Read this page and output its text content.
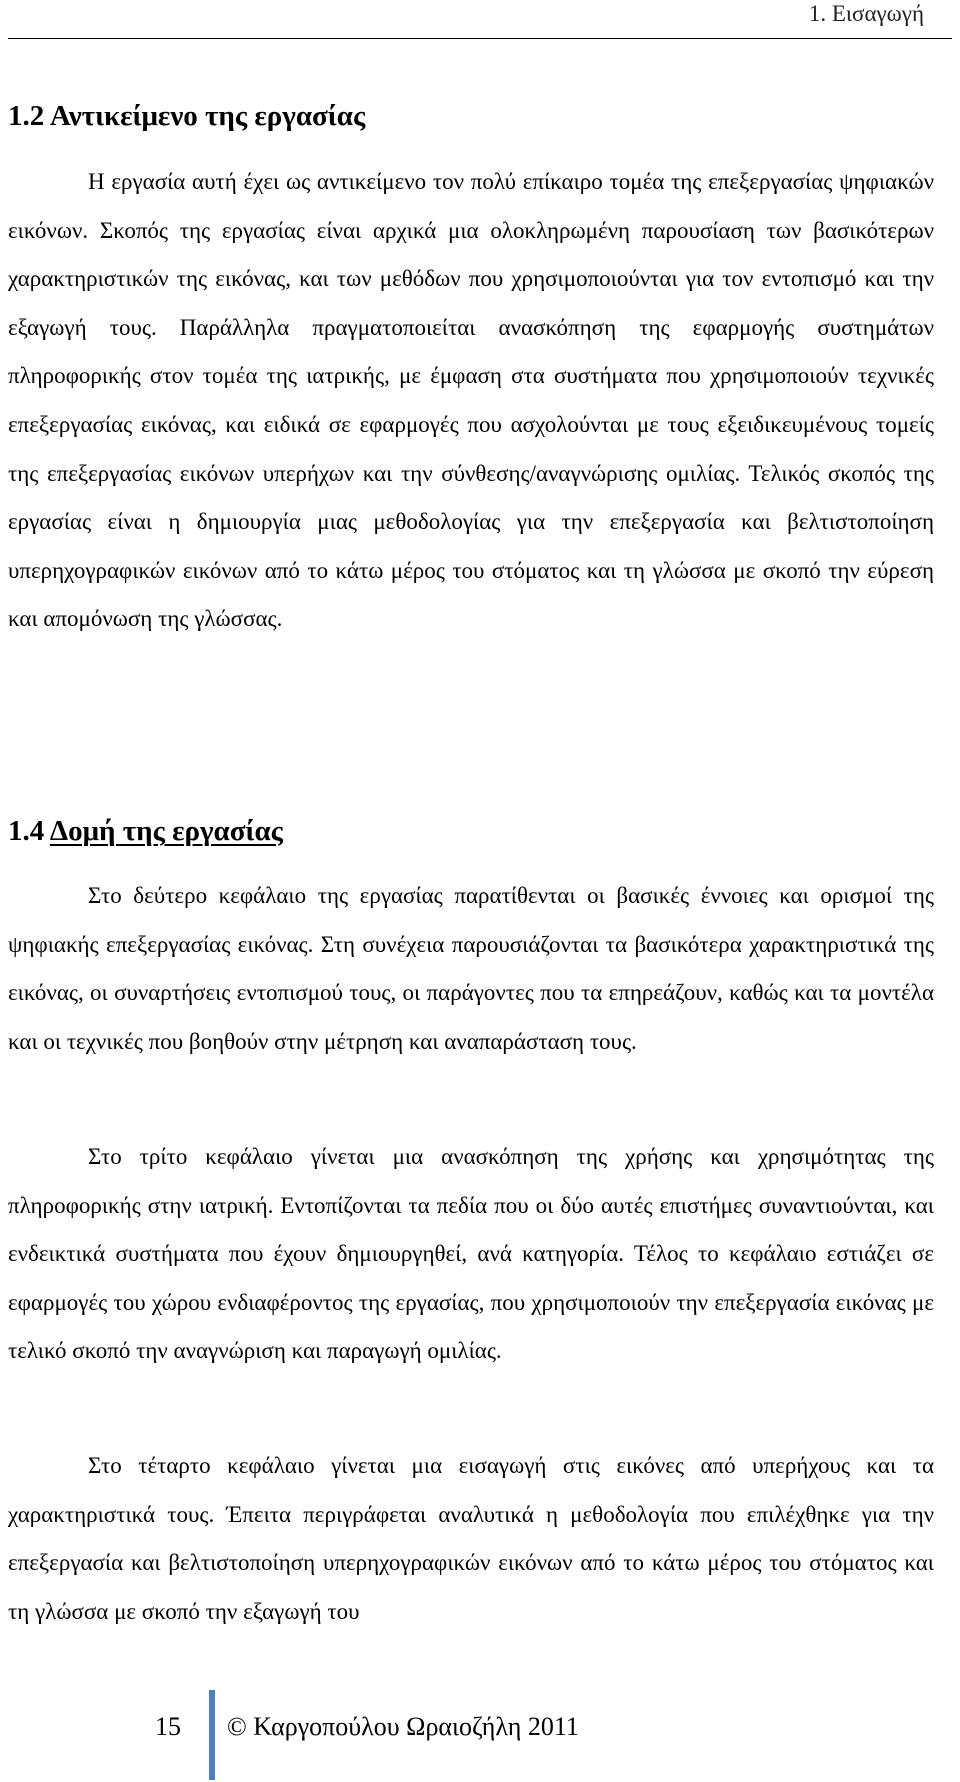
1. Εισαγωγή
1.2 Αντικείμενο της εργασίας

Η εργασία αυτή έχει ως αντικείμενο τον πολύ επίκαιρο τομέα της επεξεργασίας ψηφιακών εικόνων. Σκοπός της εργασίας είναι αρχικά μια ολοκληρωμένη παρουσίαση των βασικότερων χαρακτηριστικών της εικόνας, και των μεθόδων που χρησιμοποιούνται για τον εντοπισμό και την εξαγωγή τους. Παράλληλα πραγματοποιείται ανασκόπηση της εφαρμογής συστημάτων πληροφορικής στον τομέα της ιατρικής, με έμφαση στα συστήματα που χρησιμοποιούν τεχνικές επεξεργασίας εικόνας, και ειδικά σε εφαρμογές που ασχολούνται με τους εξειδικευμένους τομείς της επεξεργασίας εικόνων υπερήχων και την σύνθεσης/αναγνώρισης ομιλίας. Τελικός σκοπός της εργασίας είναι η δημιουργία μιας μεθοδολογίας για την επεξεργασία και βελτιστοποίηση υπερηχογραφικών εικόνων από το κάτω μέρος του στόματος και τη γλώσσα με σκοπό την εύρεση και απομόνωση της γλώσσας.

1.4 Δομή της εργασίας

Στο δεύτερο κεφάλαιο της εργασίας παρατίθενται οι βασικές έννοιες και ορισμοί της ψηφιακής επεξεργασίας εικόνας. Στη συνέχεια παρουσιάζονται τα βασικότερα χαρακτηριστικά της εικόνας, οι συναρτήσεις εντοπισμού τους, οι παράγοντες που τα επηρεάζουν, καθώς και τα μοντέλα και οι τεχνικές που βοηθούν στην μέτρηση και αναπαράσταση τους.

Στο τρίτο κεφάλαιο γίνεται μια ανασκόπηση της χρήσης και χρησιμότητας της πληροφορικής στην ιατρική. Εντοπίζονται τα πεδία που οι δύο αυτές επιστήμες συναντιούνται, και ενδεικτικά συστήματα που έχουν δημιουργηθεί, ανά κατηγορία. Τέλος το κεφάλαιο εστιάζει σε εφαρμογές του χώρου ενδιαφέροντος της εργασίας, που χρησιμοποιούν την επεξεργασία εικόνας με τελικό σκοπό την αναγνώριση και παραγωγή ομιλίας.

Στο τέταρτο κεφάλαιο γίνεται μια εισαγωγή στις εικόνες από υπερήχους και τα χαρακτηριστικά τους. Έπειτα περιγράφεται αναλυτικά η μεθοδολογία που επιλέχθηκε για την επεξεργασία και βελτιστοποίηση υπερηχογραφικών εικόνων από το κάτω μέρος του στόματος και τη γλώσσα με σκοπό την εξαγωγή του

15 © Καργοπούλου Ωραιοζήλη 2011
